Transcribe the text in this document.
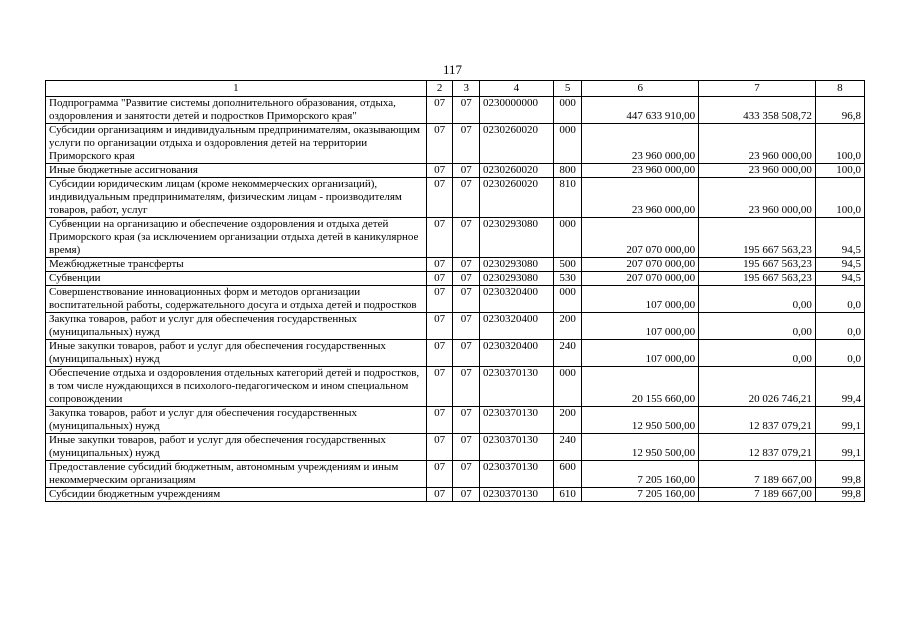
117
1	2	3	4	5	6	7	8
Подпрограмма "Развитие системы дополнительного образования, отдыха, оздоровления и занятости детей и подростков Приморского края"	07	07	0230000000	000	447 633 910,00	433 358 508,72	96,8
Субсидии организациям и индивидуальным предпринимателям, оказывающим услуги по организации отдыха и оздоровления детей на территории Приморского края	07	07	0230260020	000	23 960 000,00	23 960 000,00	100,0
Иные бюджетные ассигнования	07	07	0230260020	800	23 960 000,00	23 960 000,00	100,0
Субсидии юридическим лицам (кроме некоммерческих организаций), индивидуальным предпринимателям, физическим лицам - производителям товаров, работ, услуг	07	07	0230260020	810	23 960 000,00	23 960 000,00	100,0
Субвенции на организацию и обеспечение оздоровления и отдыха детей Приморского края (за исключением организации отдыха детей в каникулярное время)	07	07	0230293080	000	207 070 000,00	195 667 563,23	94,5
Межбюджетные трансферты	07	07	0230293080	500	207 070 000,00	195 667 563,23	94,5
Субвенции	07	07	0230293080	530	207 070 000,00	195 667 563,23	94,5
Совершенствование инновационных форм и методов организации воспитательной работы, содержательного досуга и отдыха детей и подростков	07	07	0230320400	000	107 000,00	0,00	0,0
Закупка товаров, работ и услуг для обеспечения государственных (муниципальных) нужд	07	07	0230320400	200	107 000,00	0,00	0,0
Иные закупки товаров, работ и услуг для обеспечения государственных (муниципальных) нужд	07	07	0230320400	240	107 000,00	0,00	0,0
Обеспечение отдыха и оздоровления отдельных категорий детей и подростков, в том числе нуждающихся в психолого-педагогическом и ином специальном сопровождении	07	07	0230370130	000	20 155 660,00	20 026 746,21	99,4
Закупка товаров, работ и услуг для обеспечения государственных (муниципальных) нужд	07	07	0230370130	200	12 950 500,00	12 837 079,21	99,1
Иные закупки товаров, работ и услуг для обеспечения государственных (муниципальных) нужд	07	07	0230370130	240	12 950 500,00	12 837 079,21	99,1
Предоставление субсидий бюджетным, автономным учреждениям и иным некоммерческим организациям	07	07	0230370130	600	7 205 160,00	7 189 667,00	99,8
Субсидии бюджетным учреждениям	07	07	0230370130	610	7 205 160,00	7 189 667,00	99,8
